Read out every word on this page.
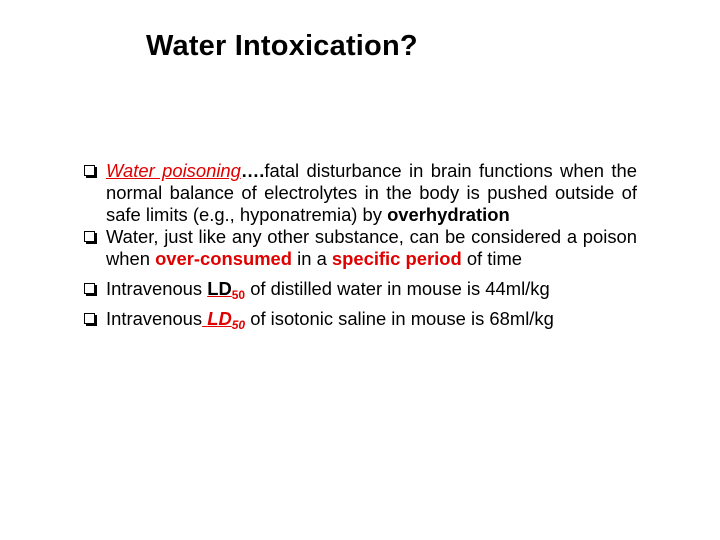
Water Intoxication?
Water poisoning….fatal disturbance in brain functions when the normal balance of electrolytes in the body is pushed outside of safe limits (e.g., hyponatremia) by overhydration
Water, just like any other substance, can be considered a poison when over-consumed in a specific period of time
Intravenous $LD_{50}$ of distilled water in mouse is 44ml/kg
Intravenous $LD_{50}$ of isotonic saline in mouse is 68ml/kg
